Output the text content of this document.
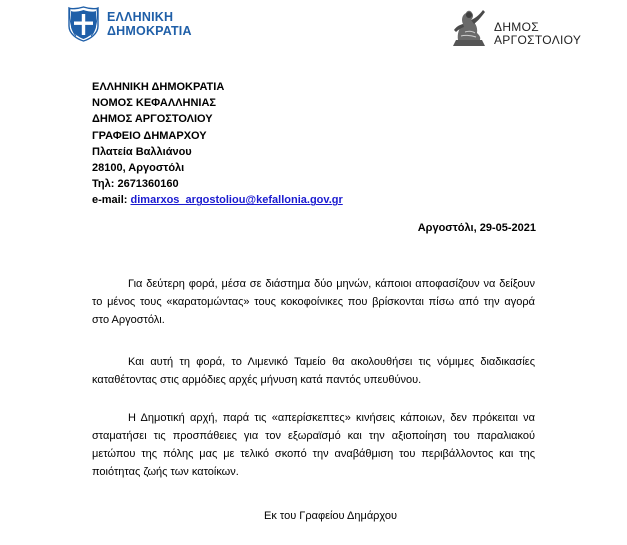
ΕΛΛΗΝΙΚΗ
ΔΗΜΟΚΡΑΤΙΑ	ΔΗΜΟΣ
ΑΡΓΟΣΤΟΛΙΟΥ
ΕΛΛΗΝΙΚΗ ΔΗΜΟΚΡΑΤΙΑ
ΝΟΜΟΣ ΚΕΦΑΛΛΗΝΙΑΣ
ΔΗΜΟΣ ΑΡΓΟΣΤΟΛΙΟΥ
ΓΡΑΦΕΙΟ ΔΗΜΑΡΧΟΥ
Πλατεία Βαλλιάνου
28100, Αργοστόλι
Τηλ: 2671360160
e-mail: dimarxos_argostoliou@kefallonia.gov.gr
Αργοστόλι, 29-05-2021
Για δεύτερη φορά, μέσα σε διάστημα δύο μηνών, κάποιοι αποφασίζουν να δείξουν το μένος τους «καρατομώντας» τους κοκοφοίνικες που βρίσκονται πίσω από την αγορά στο Αργοστόλι.
Και αυτή τη φορά, το Λιμενικό Ταμείο θα ακολουθήσει τις νόμιμες διαδικασίες καταθέτοντας στις αρμόδιες αρχές μήνυση κατά παντός υπευθύνου.
Η Δημοτική αρχή, παρά τις «απερίσκεπτες» κινήσεις κάποιων, δεν πρόκειται να σταματήσει τις προσπάθειες για τον εξωραϊσμό και την αξιοποίηση του παραλιακού μετώπου της πόλης μας με τελικό σκοπό την αναβάθμιση του περιβάλλοντος και της ποιότητας ζωής των κατοίκων.
Εκ του Γραφείου Δημάρχου
